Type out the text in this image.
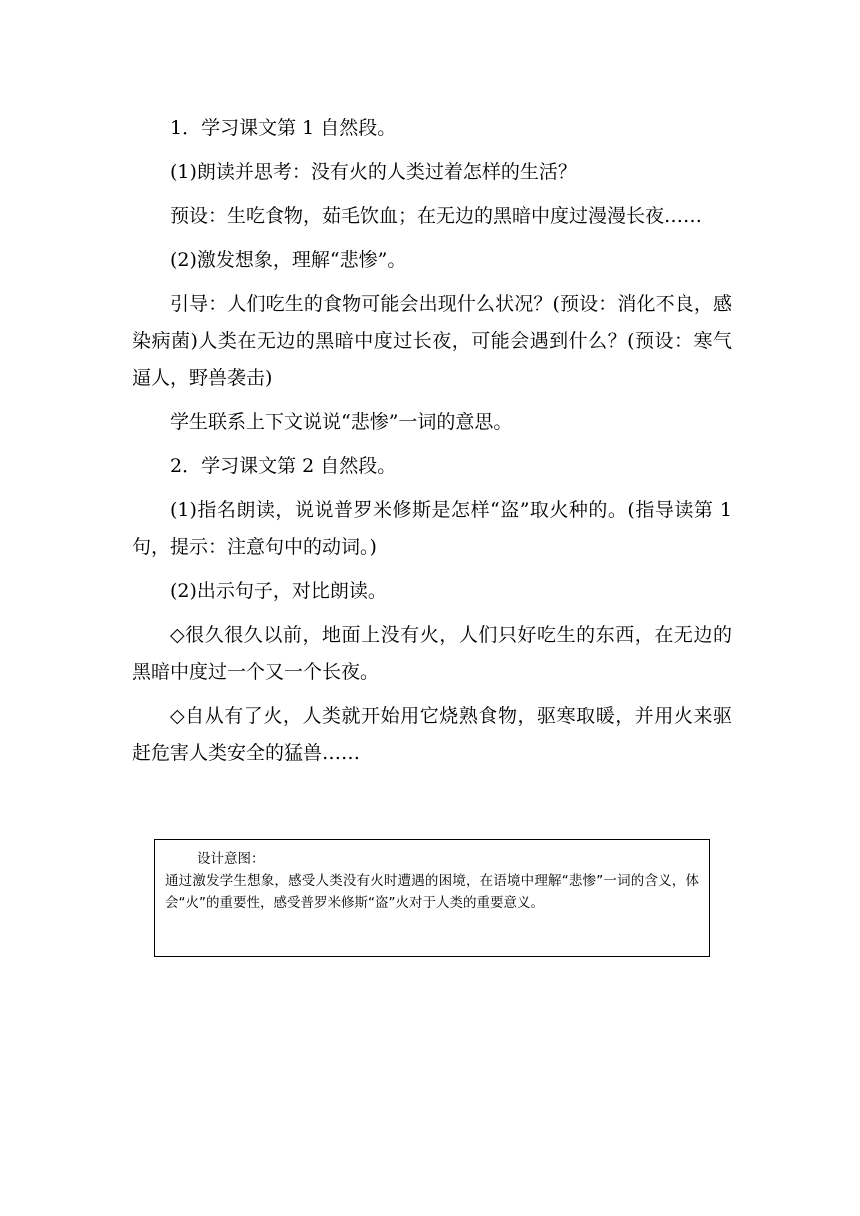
1．学习课文第 1 自然段。

(1)朗读并思考：没有火的人类过着怎样的生活？

预设：生吃食物，茹毛饮血；在无边的黑暗中度过漫漫长夜……

(2)激发想象，理解“悲惨”。

引导：人们吃生的食物可能会出现什么状况？(预设：消化不良，感染病菌)人类在无边的黑暗中度过长夜，可能会遇到什么？(预设：寒气逼人，野兽袭击)

学生联系上下文说说“悲惨”一词的意思。

2．学习课文第 2 自然段。

(1)指名朗读，说说普罗米修斯是怎样“盗”取火种的。(指导读第 1 句，提示：注意句中的动词。)

(2)出示句子，对比朗读。

◇很久很久以前，地面上没有火，人们只好吃生的东西，在无边的黑暗中度过一个又一个长夜。

◇自从有了火，人类就开始用它烧熟食物，驱寒取暖，并用火来驱赶危害人类安全的猛兽……

设计意图：
通过激发学生想象，感受人类没有火时遭遇的困境，在语境中理解“悲惨”一词的含义，体会“火”的重要性，感受普罗米修斯“盗”火对于人类的重要意义。
